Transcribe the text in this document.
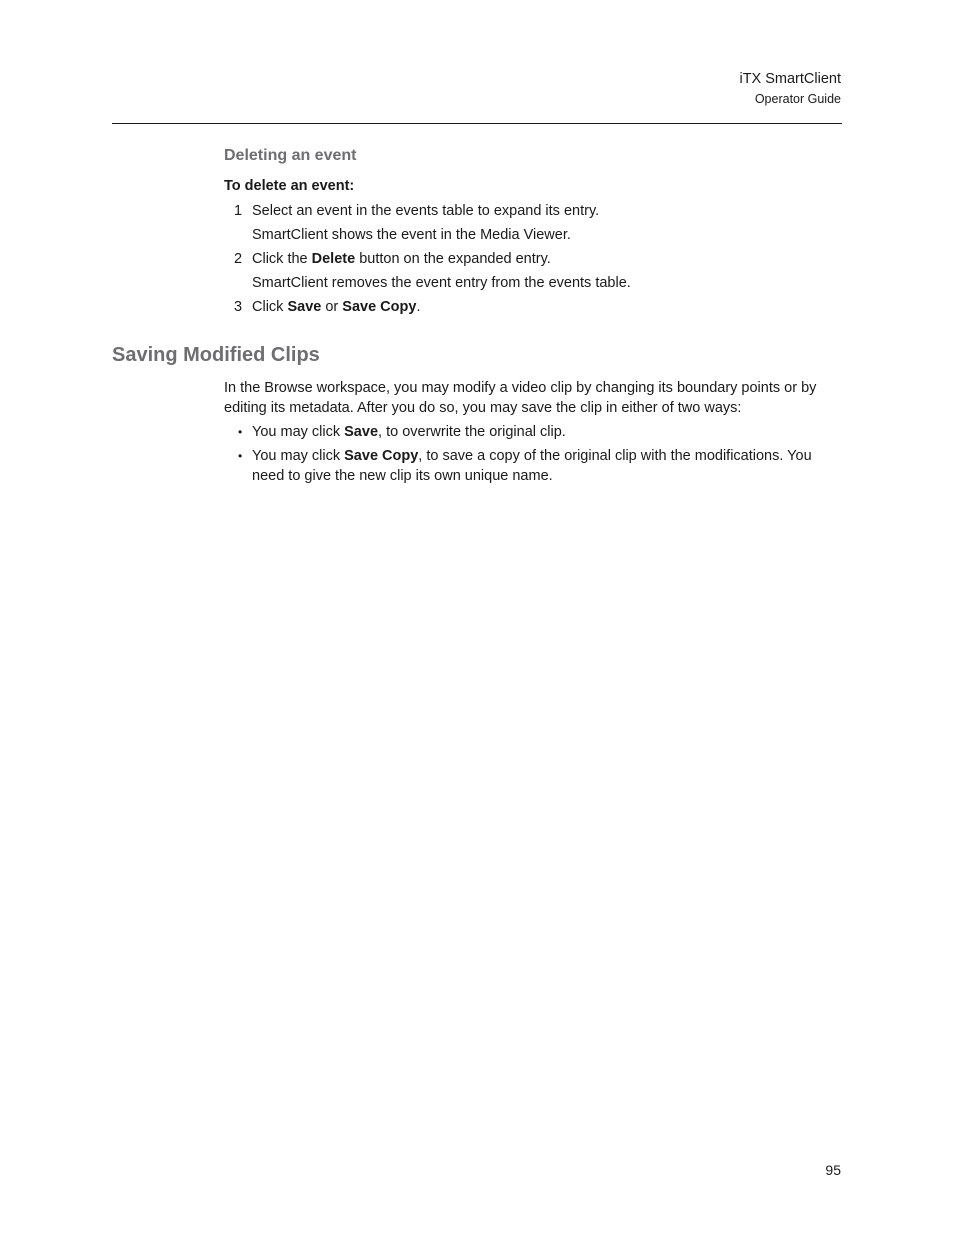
iTX SmartClient
Operator Guide
Deleting an event
To delete an event:
1 Select an event in the events table to expand its entry.
SmartClient shows the event in the Media Viewer.
2 Click the Delete button on the expanded entry.
SmartClient removes the event entry from the events table.
3 Click Save or Save Copy.
Saving Modified Clips
In the Browse workspace, you may modify a video clip by changing its boundary points or by editing its metadata. After you do so, you may save the clip in either of two ways:
• You may click Save, to overwrite the original clip.
• You may click Save Copy, to save a copy of the original clip with the modifications. You need to give the new clip its own unique name.
95
